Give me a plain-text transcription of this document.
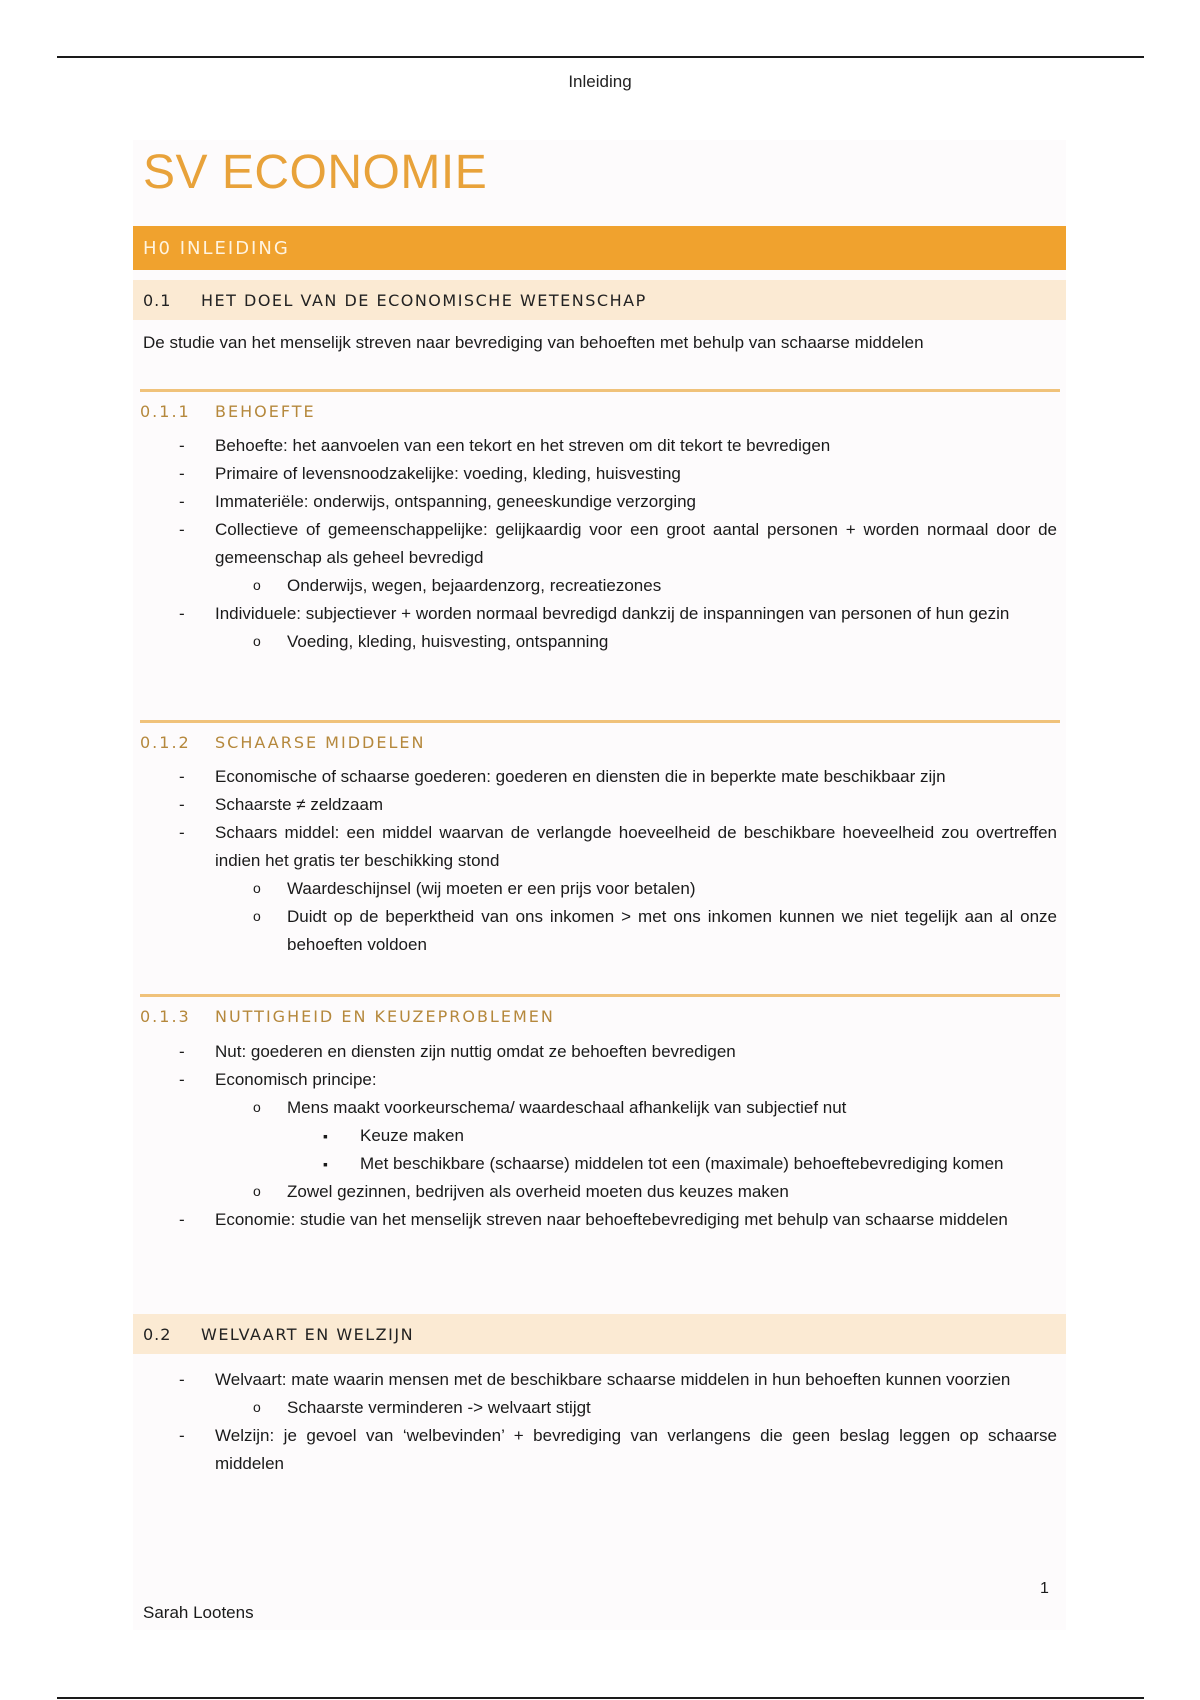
Inleiding
SV ECONOMIE
H0 INLEIDING
0.1	HET DOEL VAN DE ECONOMISCHE WETENSCHAP
De studie van het menselijk streven naar bevrediging van behoeften met behulp van schaarse middelen
0.1.1	BEHOEFTE
- Behoefte: het aanvoelen van een tekort en het streven om dit tekort te bevredigen
- Primaire of levensnoodzakelijke: voeding, kleding, huisvesting
- Immateriële: onderwijs, ontspanning, geneeskundige verzorging
- Collectieve of gemeenschappelijke: gelijkaardig voor een groot aantal personen + worden normaal door de gemeenschap als geheel bevredigd
o Onderwijs, wegen, bejaardenzorg, recreatiezones
- Individuele: subjectiever + worden normaal bevredigd dankzij de inspanningen van personen of hun gezin
o Voeding, kleding, huisvesting, ontspanning
0.1.2	SCHAARSE MIDDELEN
- Economische of schaarse goederen: goederen en diensten die in beperkte mate beschikbaar zijn
- Schaarste ≠ zeldzaam
- Schaars middel: een middel waarvan de verlangde hoeveelheid de beschikbare hoeveelheid zou overtreffen indien het gratis ter beschikking stond
o Waardeschijnsel (wij moeten er een prijs voor betalen)
o Duidt op de beperktheid van ons inkomen > met ons inkomen kunnen we niet tegelijk aan al onze behoeften voldoen
0.1.3	NUTTIGHEID EN KEUZEPROBLEMEN
- Nut: goederen en diensten zijn nuttig omdat ze behoeften bevredigen
- Economisch principe:
o Mens maakt voorkeurschema/ waardeschaal afhankelijk van subjectief nut
▪ Keuze maken
▪ Met beschikbare (schaarse) middelen tot een (maximale) behoeftebevrediging komen
o Zowel gezinnen, bedrijven als overheid moeten dus keuzes maken
- Economie: studie van het menselijk streven naar behoeftebevrediging met behulp van schaarse middelen
0.2	WELVAART EN WELZIJN
- Welvaart: mate waarin mensen met de beschikbare schaarse middelen in hun behoeften kunnen voorzien
o Schaarste verminderen -> welvaart stijgt
- Welzijn: je gevoel van ‘welbevinden’ + bevrediging van verlangens die geen beslag leggen op schaarse middelen
1
Sarah Lootens
